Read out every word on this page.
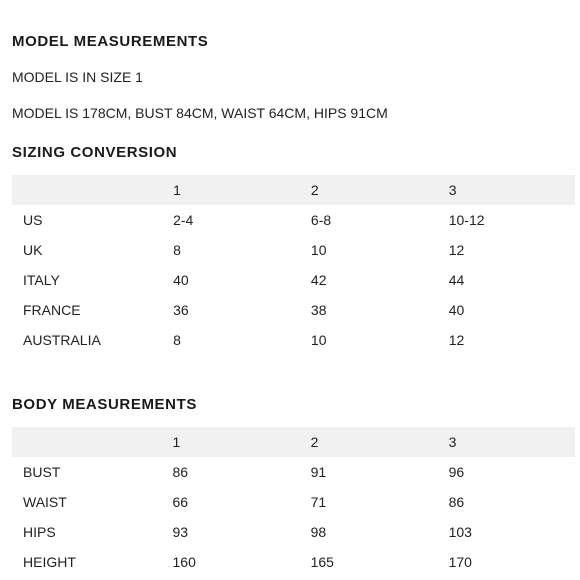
MODEL MEASUREMENTS
MODEL IS IN SIZE 1
MODEL IS 178CM, BUST 84CM, WAIST 64CM, HIPS 91CM
SIZING CONVERSION
	1	2	3
US	2-4	6-8	10-12
UK	8	10	12
ITALY	40	42	44
FRANCE	36	38	40
AUSTRALIA	8	10	12
BODY MEASUREMENTS
	1	2	3
BUST	86	91	96
WAIST	66	71	86
HIPS	93	98	103
HEIGHT	160	165	170
